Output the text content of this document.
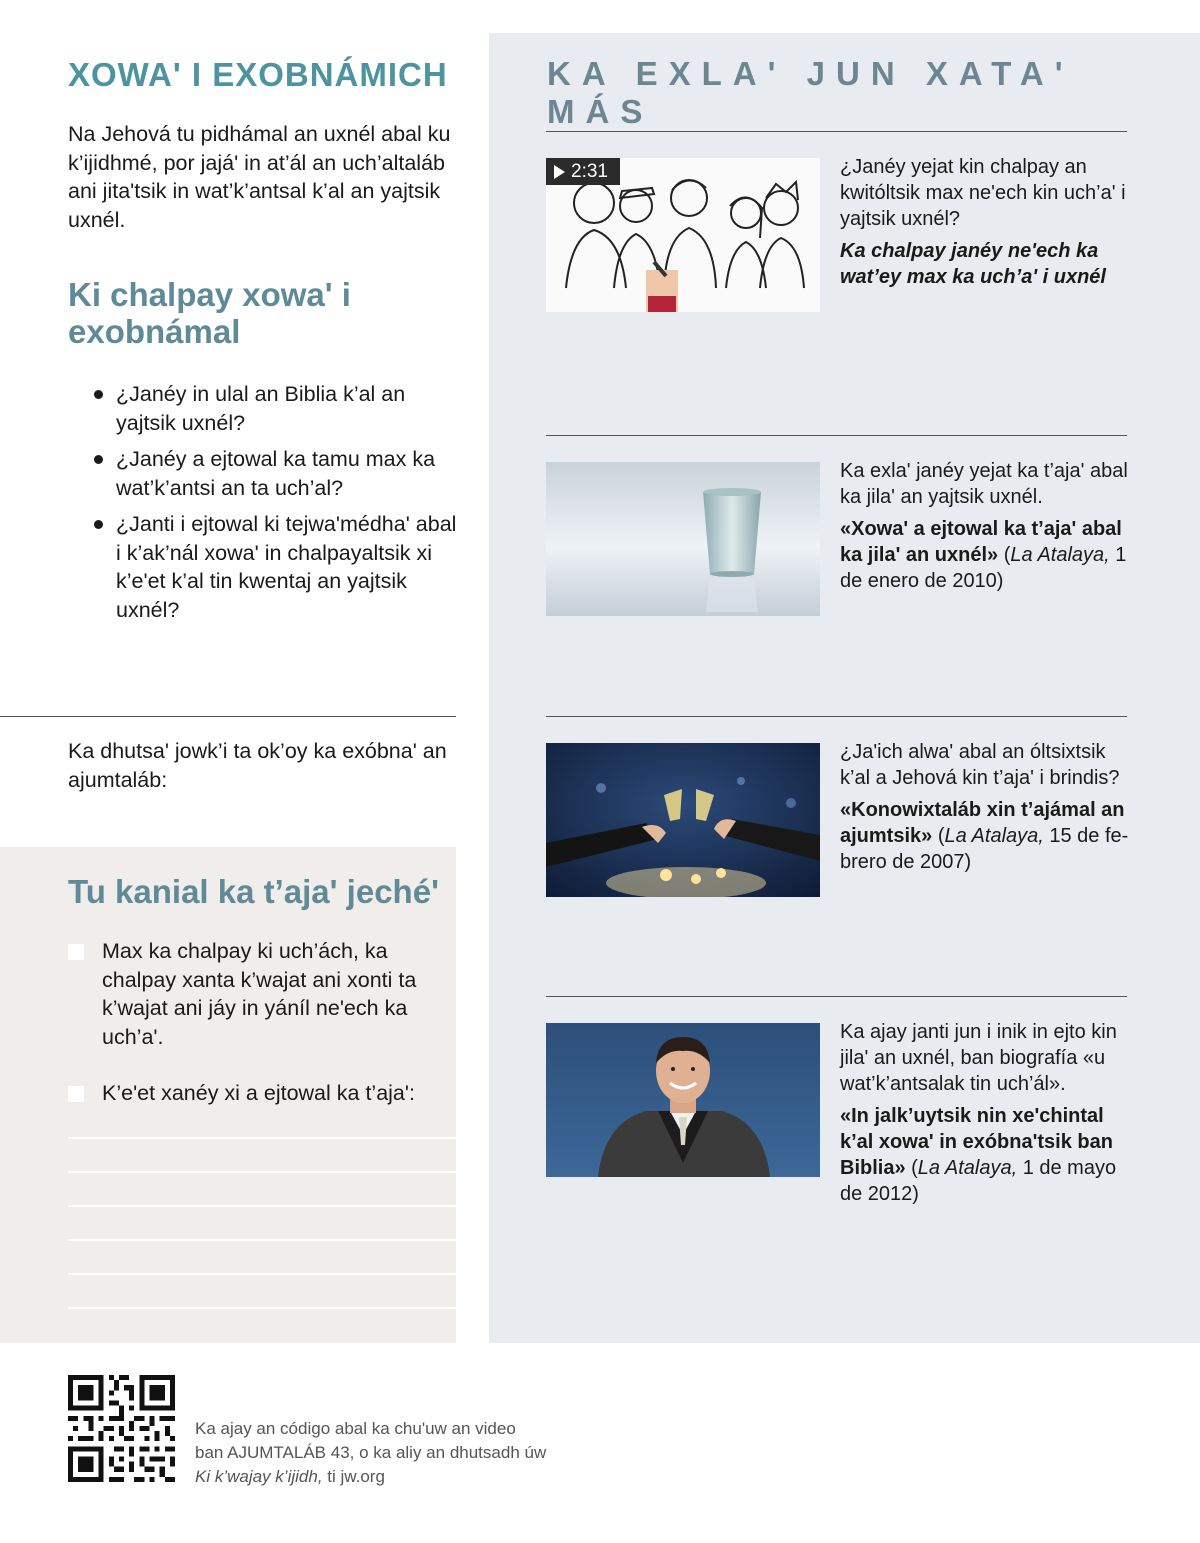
XOWA' I EXOBNÁMICH

Na Jehová tu pidhámal an uxnél abal ku k’ijidhmé, por jajá' in at’ál an uch’altaláb ani jita'tsik in wat’k’antsal k’al an yajtsik uxnél.

Ki chalpay xowa' i exobnámal
¿Janéy in ulal an Biblia k’al an yajtsik uxnél?
¿Janéy a ejtowal ka tamu max ka wat’k’antsi an ta uch’al?
¿Janti i ejtowal ki tejwa'médha' abal i k’ak’nál xowa' in chalpayaltsik xi k’e'et k’al tin kwentaj an yajtsik uxnél?

Ka dhutsa' jowk’i ta ok’oy ka exóbna' an ajumtaláb:

Tu kanial ka t’aja' jeché'
Max ka chalpay ki uch’ách, ka chalpay xanta k’wajat ani xonti ta k’wajat ani jáy in yáníl ne'ech ka uch’a'.
K’e'et xanéy xi a ejtowal ka t’aja':
KA EXLA' JUN XATA' MÁS
2:31	¿Janéy yejat kin chalpay an kwitóltsik max ne'ech kin uch’a' i yajtsik uxnél?

Ka chalpay janéy ne'ech ka wat’ey max ka uch’a' i uxnél

Ka exla' janéy yejat ka t’aja' abal ka jila' an yajtsik uxnél.

«Xowa' a ejtowal ka t’aja' abal ka jila' an uxnél» (La Atalaya, 1 de enero de 2010)

¿Ja'ich alwa' abal an óltsixtsik k’al a Jehová kin t’aja' i brindis?

«Konowixtaláb xin t’ajámal an ajumtsik» (La Atalaya, 15 de febrero de 2007)

Ka ajay janti jun i inik in ejto kin jila' an uxnél, ban biografía «u wat’k’antsalak tin uch’ál».

«In jalk’uytsik nin xe'chintal k’al xowa' in exóbna'tsik ban Biblia» (La Atalaya, 1 de mayo de 2012)

Ka ajay an código abal ka chu'uw an video
ban AJUMTALÁB 43, o ka aliy an dhutsadh úw
Ki k’wajay k’ijidh, ti jw.org
